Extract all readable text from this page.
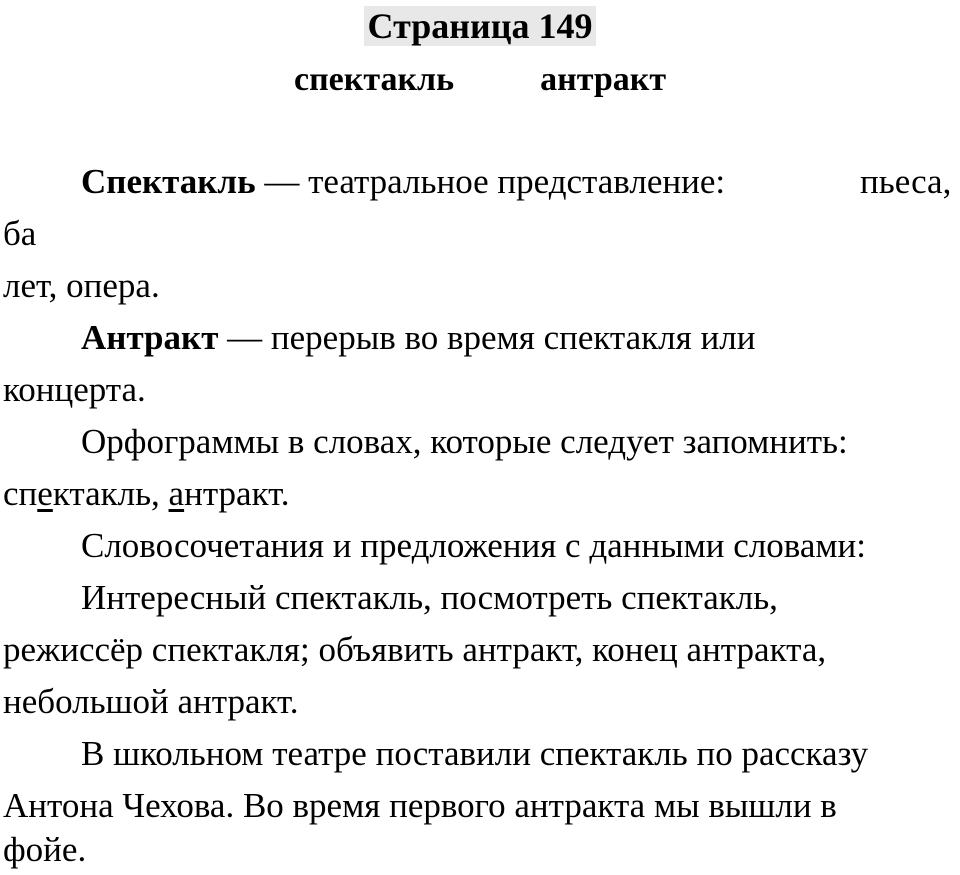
Страница 149
спектакль	антракт
Спектакль — театральное представление:	пьеса,
ба
лет, опера.
Антракт — перерыв во время спектакля или
концерта.
Орфограммы в словах, которые следует запомнить:
спектакль, антракт.
Словосочетания и предложения с данными словами:
Интересный спектакль, посмотреть спектакль,
режиссёр спектакля; объявить антракт, конец антракта,
небольшой антракт.
В школьном театре поставили спектакль по рассказу
Антона Чехова. Во время первого антракта мы вышли в
фойе.
